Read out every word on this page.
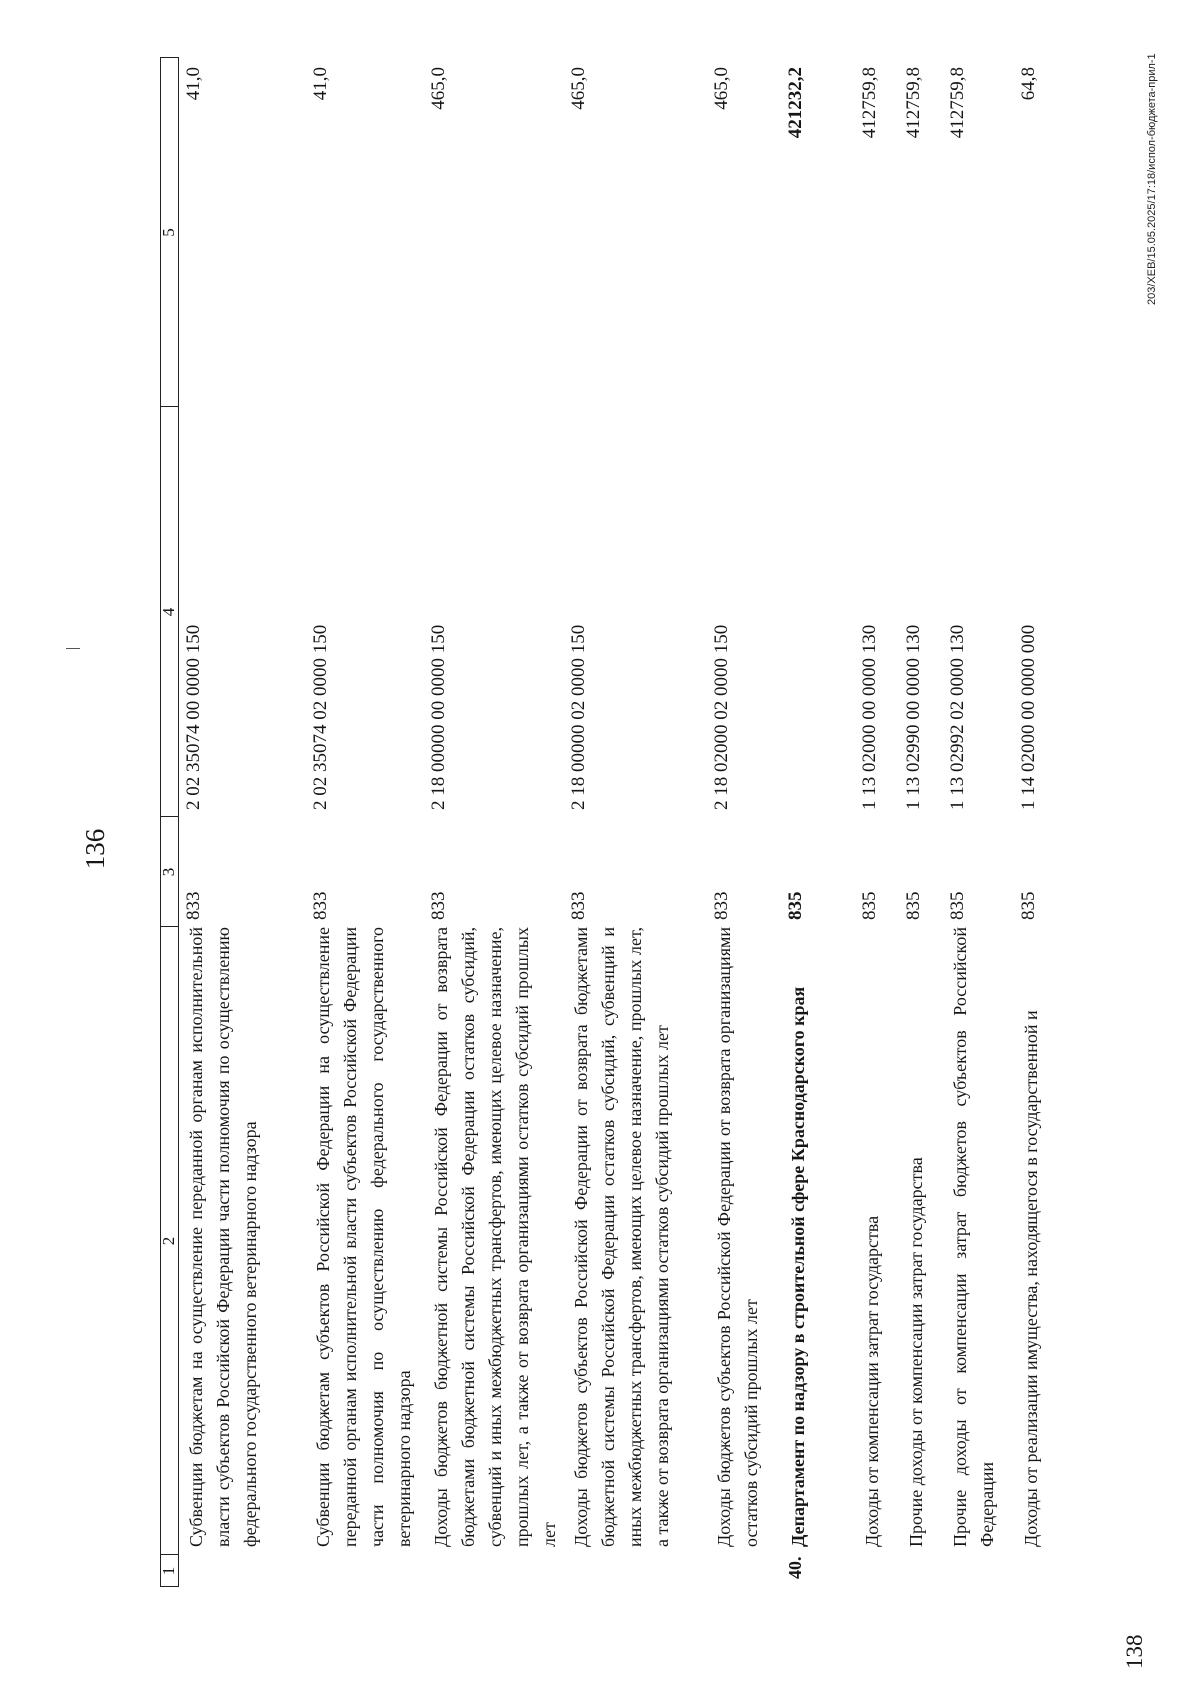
136
1
2
3
4
5
Субвенции бюджетам на осуществление переданной органам исполнительной власти субъектов Российской Федерации части полномочия по осуществлению федерального государственного ветеринарного надзора
833
2 02 35074 00 0000 150
41,0
Субвенции бюджетам субъектов Российской Федерации на осуществление переданной органам исполнительной власти субъектов Российской Федерации части полномочия по осуществлению федерального государственного ветеринарного надзора
833
2 02 35074 02 0000 150
41,0
Доходы бюджетов бюджетной системы Российской Федерации от возврата бюджетами бюджетной системы Российской Федерации остатков субсидий, субвенций и иных межбюджетных трансфертов, имеющих целевое назначение, прошлых лет, а также от возврата организациями остатков субсидий прошлых лет
833
2 18 00000 00 0000 150
465,0
Доходы бюджетов субъектов Российской Федерации от возврата бюджетами бюджетной системы Российской Федерации остатков субсидий, субвенций и иных межбюджетных трансфертов, имеющих целевое назначение, прошлых лет, а также от возврата организациями остатков субсидий прошлых лет
833
2 18 00000 02 0000 150
465,0
Доходы бюджетов субъектов Российской Федерации от возврата организациями остатков субсидий прошлых лет
833
2 18 02000 02 0000 150
465,0
40.
Департамент по надзору в строительной сфере Краснодарского края
835
421232,2
Доходы от компенсации затрат государства
835
1 13 02000 00 0000 130
412759,8
Прочие доходы от компенсации затрат государства
835
1 13 02990 00 0000 130
412759,8
Прочие доходы от компенсации затрат бюджетов субъектов Российской Федерации
835
1 13 02992 02 0000 130
412759,8
Доходы от реализации имущества, находящегося в государственной и
835
1 14 02000 00 0000 000
64,8	203/ХЕВ/15.05.2025/17:18/испол-бюджета-прил-1
138
